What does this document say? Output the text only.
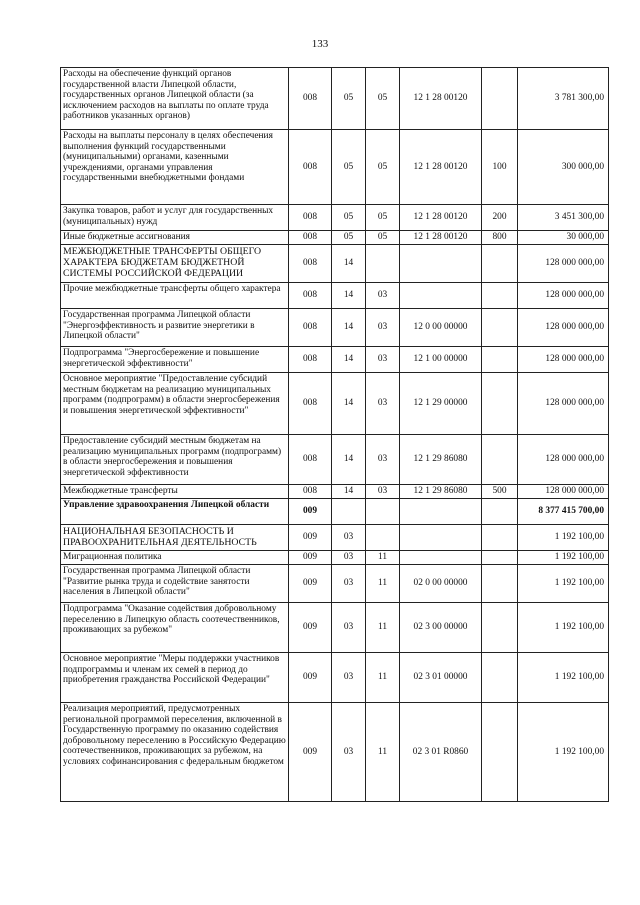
133
Расходы на обеспечение функций органов государственной власти Липецкой области, государственных органов Липецкой области (за исключением расходов на выплаты по оплате труда работников указанных органов)	008	05	05	12 1 28 00120		3 781 300,00
Расходы на выплаты персоналу в целях обеспечения выполнения функций государственными (муниципальными) органами, казенными учреждениями, органами управления государственными внебюджетными фондами	008	05	05	12 1 28 00120	100	300 000,00
Закупка товаров, работ и услуг для государственных (муниципальных) нужд	008	05	05	12 1 28 00120	200	3 451 300,00
Иные бюджетные ассигнования	008	05	05	12 1 28 00120	800	30 000,00
МЕЖБЮДЖЕТНЫЕ ТРАНСФЕРТЫ ОБЩЕГО ХАРАКТЕРА БЮДЖЕТАМ БЮДЖЕТНОЙ СИСТЕМЫ РОССИЙСКОЙ ФЕДЕРАЦИИ	008	14				128 000 000,00
Прочие межбюджетные трансферты общего характера	008	14	03			128 000 000,00
Государственная программа Липецкой области "Энергоэффективность и развитие энергетики в Липецкой области"	008	14	03	12 0 00 00000		128 000 000,00
Подпрограмма "Энергосбережение и повышение энергетической эффективности"	008	14	03	12 1 00 00000		128 000 000,00
Основное мероприятие "Предоставление субсидий местным бюджетам на реализацию муниципальных программ (подпрограмм) в области энергосбережения и повышения энергетической эффективности"	008	14	03	12 1 29 00000		128 000 000,00
Предоставление субсидий местным бюджетам на реализацию муниципальных программ (подпрограмм) в области энергосбережения и повышения энергетической эффективности	008	14	03	12 1 29 86080		128 000 000,00
Межбюджетные трансферты	008	14	03	12 1 29 86080	500	128 000 000,00
Управление здравоохранения Липецкой области	009					8 377 415 700,00
НАЦИОНАЛЬНАЯ БЕЗОПАСНОСТЬ И ПРАВООХРАНИТЕЛЬНАЯ ДЕЯТЕЛЬНОСТЬ	009	03				1 192 100,00
Миграционная политика	009	03	11			1 192 100,00
Государственная программа Липецкой области "Развитие рынка труда и содействие занятости населения в Липецкой области"	009	03	11	02 0 00 00000		1 192 100,00
Подпрограмма "Оказание содействия добровольному переселению в Липецкую область соотечественников, проживающих за рубежом"	009	03	11	02 3 00 00000		1 192 100,00
Основное мероприятие "Меры поддержки участников подпрограммы и членам их семей в период до приобретения гражданства Российской Федерации"	009	03	11	02 3 01 00000		1 192 100,00
Реализация мероприятий, предусмотренных региональной программой переселения, включенной в Государственную программу по оказанию содействия добровольному переселению в Российскую Федерацию соотечественников, проживающих за рубежом, на условиях софинансирования с федеральным бюджетом	009	03	11	02 3 01 R0860		1 192 100,00
